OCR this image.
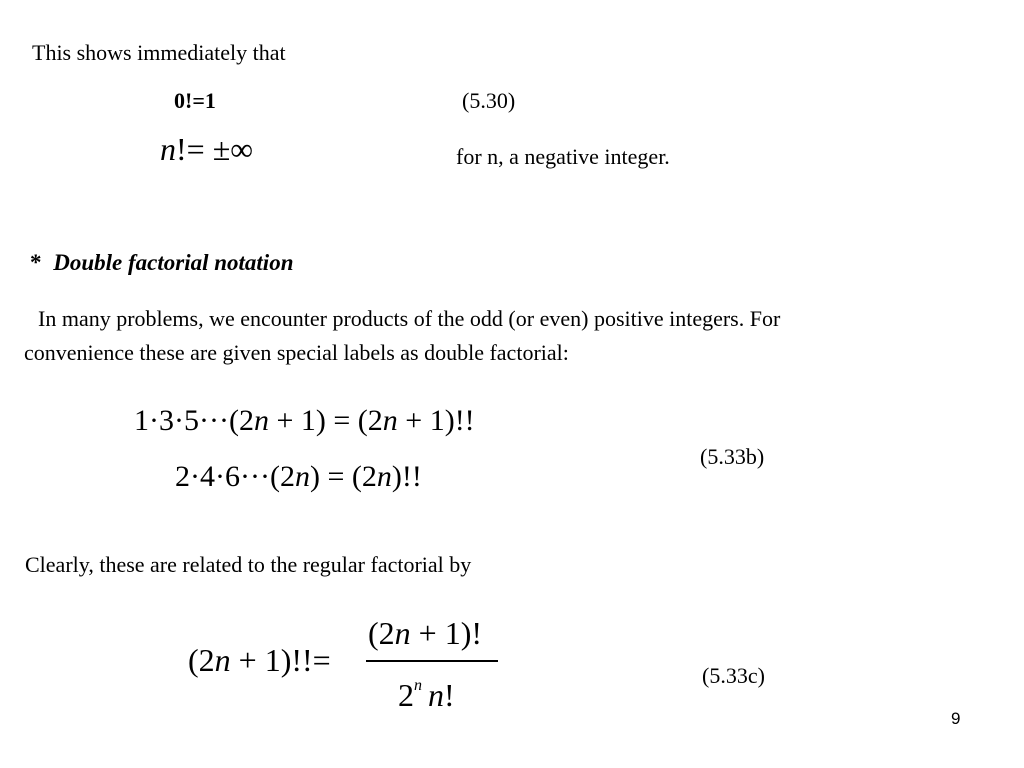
This shows immediately that
0!=1	(5.30)
n!= ±∞	for n, a negative integer.
* Double factorial notation
In many problems, we encounter products of the odd (or even) positive integers. For
convenience these are given special labels as double factorial:
1·3·5···(2n + 1) = (2n + 1)!!
2·4·6···(2n) = (2n)!!
(5.33b)
Clearly, these are related to the regular factorial by
(2n + 1)!!=
(2n + 1)!
2$^n$ n!
(5.33c)
9
